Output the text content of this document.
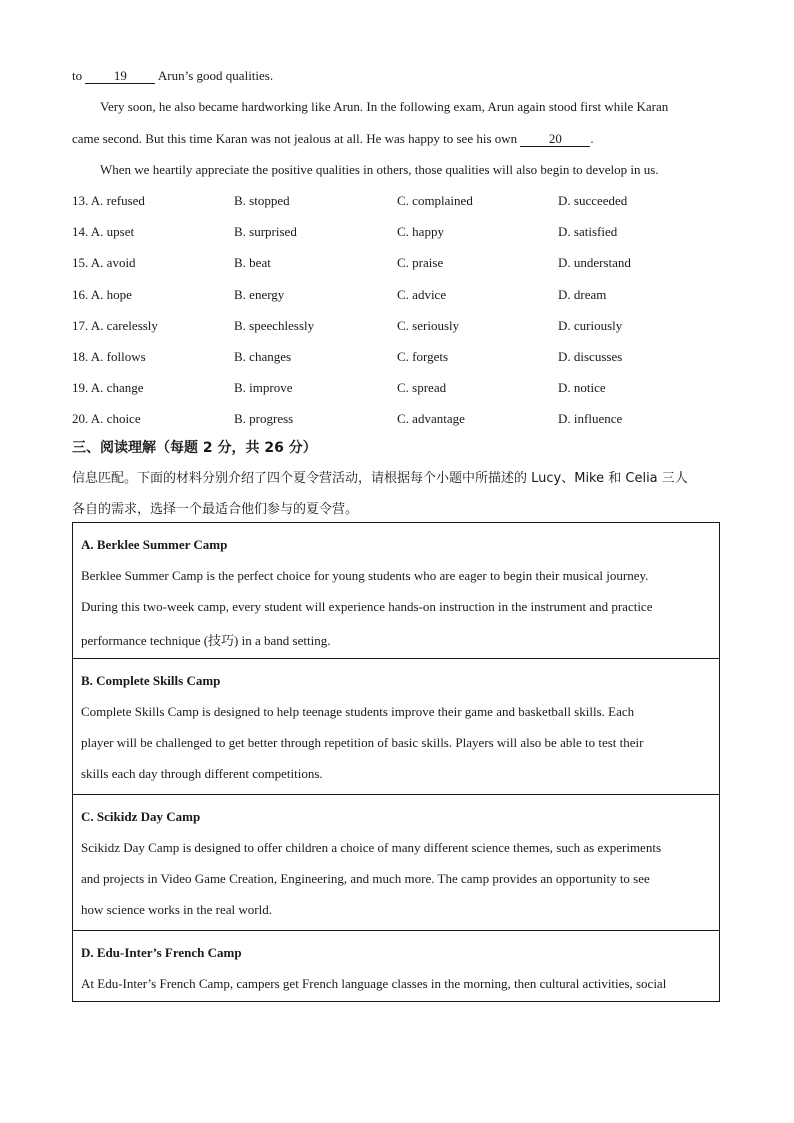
to 19 Arun’s good qualities.
Very soon, he also became hardworking like Arun. In the following exam, Arun again stood first while Karan
came second. But this time Karan was not jealous at all. He was happy to see his own 20 .
When we heartily appreciate the positive qualities in others, those qualities will also begin to develop in us.
13. A. refused	B. stopped	C. complained	D. succeeded
14. A. upset	B. surprised	C. happy	D. satisfied
15. A. avoid	B. beat	C. praise	D. understand
16. A. hope	B. energy	C. advice	D. dream
17. A. carelessly	B. speechlessly	C. seriously	D. curiously
18. A. follows	B. changes	C. forgets	D. discusses
19. A. change	B. improve	C. spread	D. notice
20. A. choice	B. progress	C. advantage	D. influence
三、阅读理解（每题 2 分，共 26 分）
信息匹配。下面的材料分别介绍了四个夏令营活动，请根据每个小题中所描述的 Lucy、Mike 和 Celia 三人
各自的需求，选择一个最适合他们参与的夏令营。
A. Berklee Summer Camp
Berklee Summer Camp is the perfect choice for young students who are eager to begin their musical journey.
During this two-week camp, every student will experience hands-on instruction in the instrument and practice
performance technique (技巧) in a band setting.
B. Complete Skills Camp
Complete Skills Camp is designed to help teenage students improve their game and basketball skills. Each
player will be challenged to get better through repetition of basic skills. Players will also be able to test their
skills each day through different competitions.
C. Scikidz Day Camp
Scikidz Day Camp is designed to offer children a choice of many different science themes, such as experiments
and projects in Video Game Creation, Engineering, and much more. The camp provides an opportunity to see
how science works in the real world.
D. Edu-Inter’s French Camp
At Edu-Inter’s French Camp, campers get French language classes in the morning, then cultural activities, social
